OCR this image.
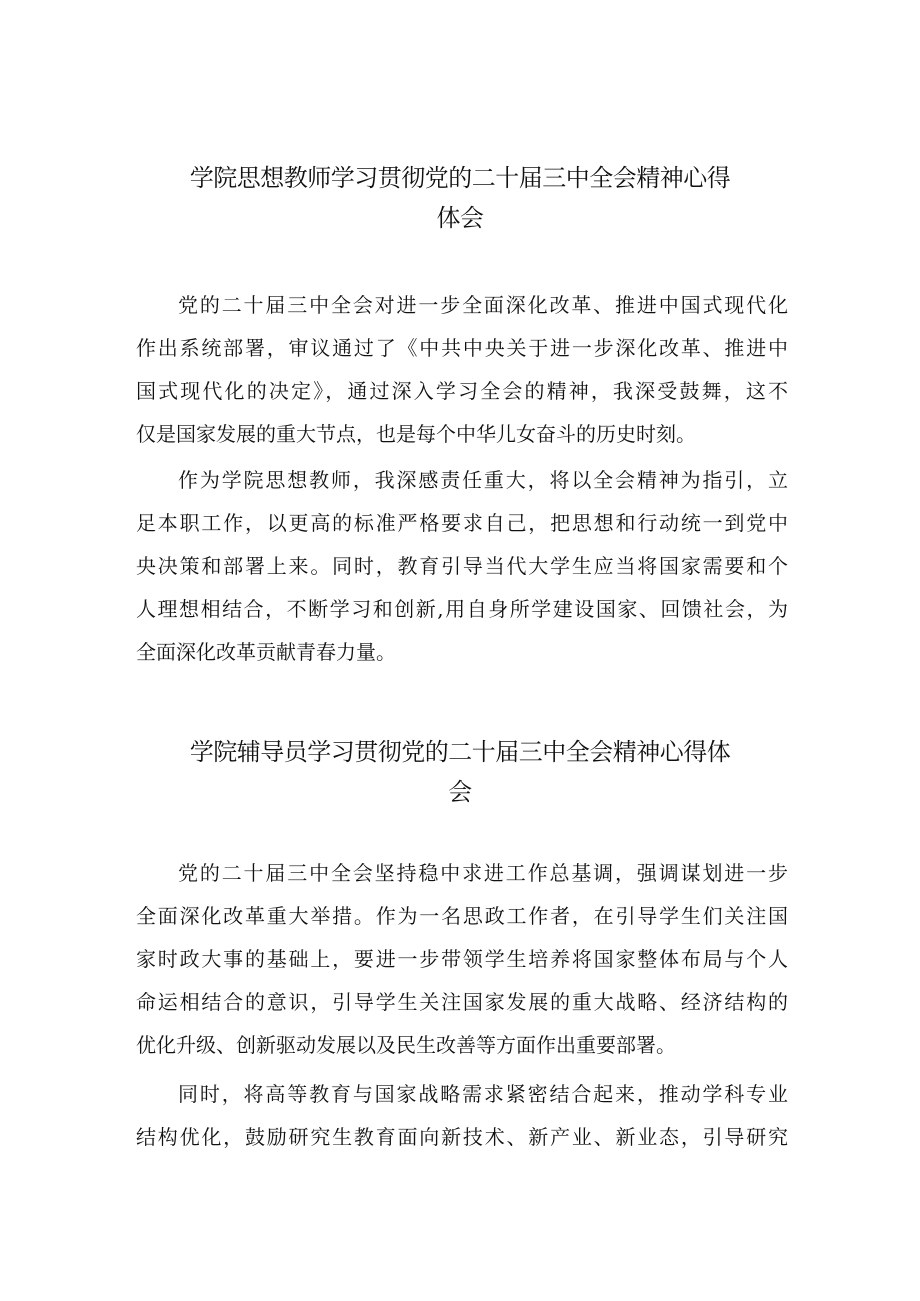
学院思想教师学习贯彻党的二十届三中全会精神心得
体会

党的二十届三中全会对进一步全面深化改革、推进中国式现代化
作出系统部署，审议通过了《中共中央关于进一步深化改革、推进中
国式现代化的决定》，通过深入学习全会的精神，我深受鼓舞，这不
仅是国家发展的重大节点，也是每个中华儿女奋斗的历史时刻。

作为学院思想教师，我深感责任重大，将以全会精神为指引，立
足本职工作，以更高的标准严格要求自己，把思想和行动统一到党中
央决策和部署上来。同时，教育引导当代大学生应当将国家需要和个
人理想相结合，不断学习和创新,用自身所学建设国家、回馈社会，为
全面深化改革贡献青春力量。

学院辅导员学习贯彻党的二十届三中全会精神心得体
会

党的二十届三中全会坚持稳中求进工作总基调，强调谋划进一步
全面深化改革重大举措。作为一名思政工作者，在引导学生们关注国
家时政大事的基础上，要进一步带领学生培养将国家整体布局与个人
命运相结合的意识，引导学生关注国家发展的重大战略、经济结构的
优化升级、创新驱动发展以及民生改善等方面作出重要部署。

同时，将高等教育与国家战略需求紧密结合起来，推动学科专业
结构优化，鼓励研究生教育面向新技术、新产业、新业态，引导研究
